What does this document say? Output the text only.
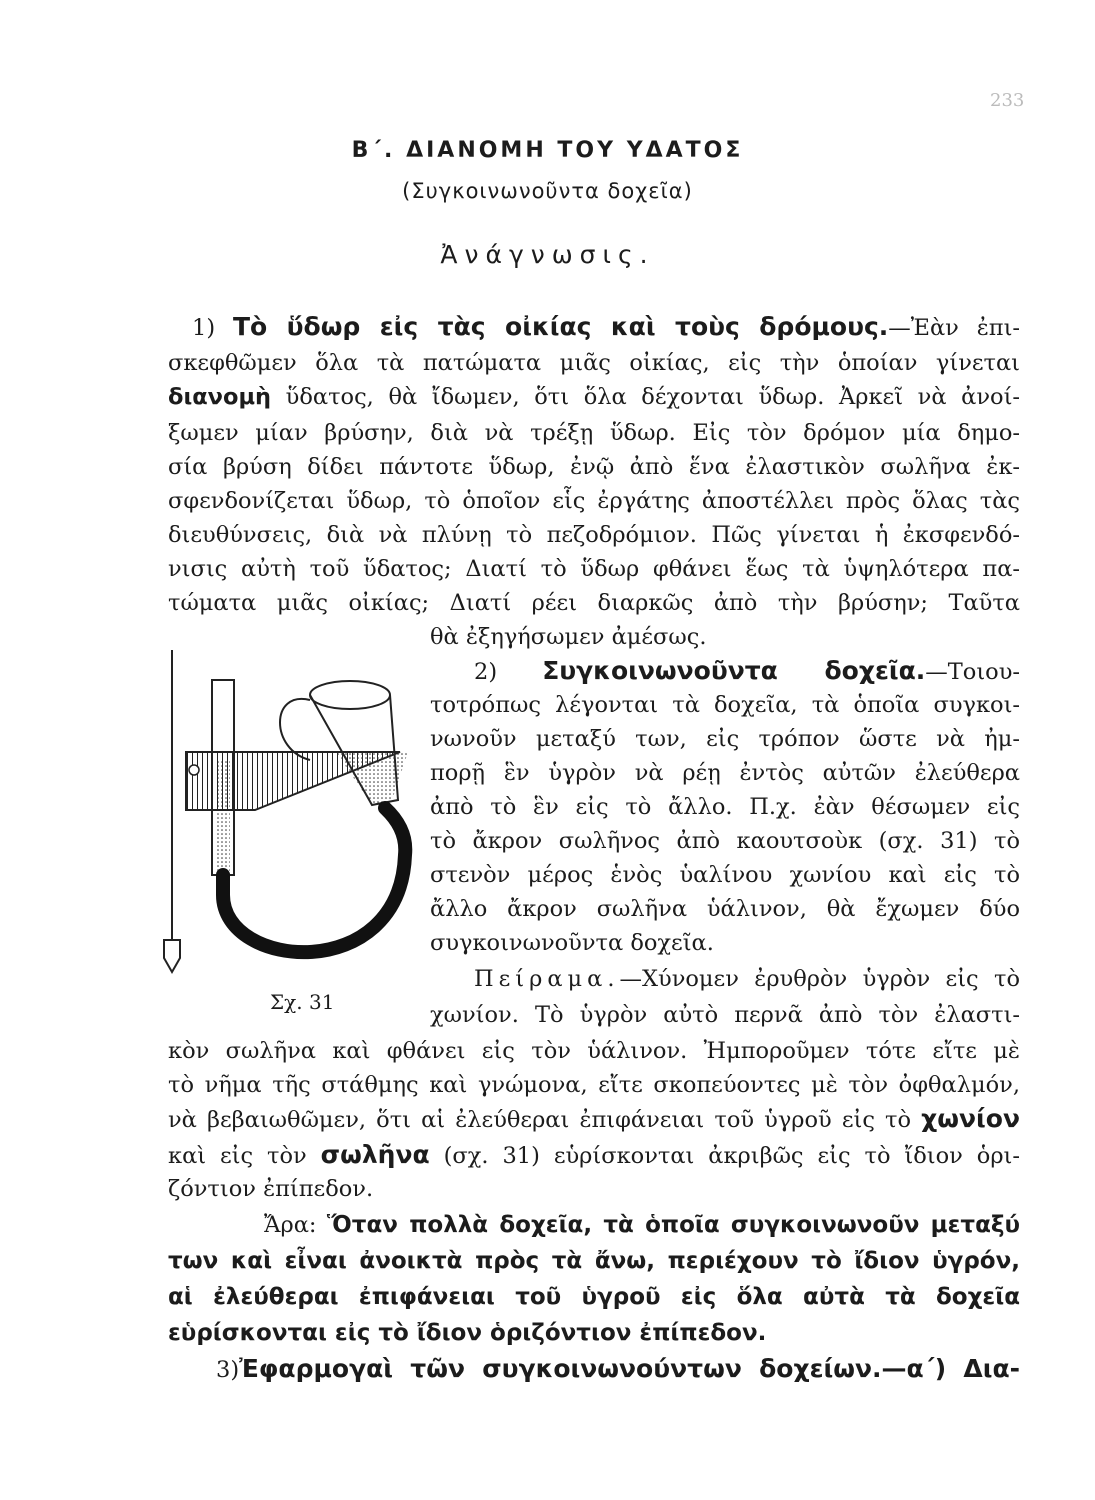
233
Β΄. ΔΙΑΝΟΜΗ ΤΟΥ ΥΔΑΤΟΣ
(Συγκοινωνοῦντα δοχεῖα)
Ἀνάγνωσις.
1) Τὸ ὕδωρ εἰς τὰς οἰκίας καὶ τοὺς δρόμους.—Ἐὰν ἐπι-
σκεφθῶμεν ὅλα τὰ πατώματα μιᾶς οἰκίας, εἰς τὴν ὁποίαν γίνεται
διανομὴ ὕδατος, θὰ ἴδωμεν, ὅτι ὅλα δέχονται ὕδωρ. Ἀρκεῖ νὰ ἀνοί-
ξωμεν μίαν βρύσην, διὰ νὰ τρέξῃ ὕδωρ. Εἰς τὸν δρόμον μία δημο-
σία βρύση δίδει πάντοτε ὕδωρ, ἐνῷ ἀπὸ ἕνα ἐλαστικὸν σωλῆνα ἐκ-
σφενδονίζεται ὕδωρ, τὸ ὁποῖον εἷς ἐργάτης ἀποστέλλει πρὸς ὅλας τὰς
διευθύνσεις, διὰ νὰ πλύνῃ τὸ πεζοδρόμιον. Πῶς γίνεται ἡ ἐκσφενδό-
νισις αὐτὴ τοῦ ὕδατος; Διατί τὸ ὕδωρ φθάνει ἕως τὰ ὑψηλότερα πα-
τώματα μιᾶς οἰκίας; Διατί ρέει διαρκῶς ἀπὸ τὴν βρύσην; Ταῦτα
θὰ ἐξηγήσωμεν ἀμέσως.
2) Συγκοινωνοῦντα δοχεῖα.—Τοιου-
τοτρόπως λέγονται τὰ δοχεῖα, τὰ ὁποῖα συγκοι-
νωνοῦν μεταξύ των, εἰς τρόπον ὥστε νὰ ἠμ-
πορῇ ἓν ὑγρὸν νὰ ρέῃ ἐντὸς αὐτῶν ἐλεύθερα
ἀπὸ τὸ ἓν εἰς τὸ ἄλλο. Π.χ. ἐὰν θέσωμεν εἰς
τὸ ἄκρον σωλῆνος ἀπὸ καουτσοὺκ (σχ. 31) τὸ
στενὸν μέρος ἑνὸς ὑαλίνου χωνίου καὶ εἰς τὸ
ἄλλο ἄκρον σωλῆνα ὑάλινον, θὰ ἔχωμεν δύο
συγκοινωνοῦντα δοχεῖα.
Πείραμα.—Χύνομεν ἐρυθρὸν ὑγρὸν εἰς τὸ
χωνίον. Τὸ ὑγρὸν αὐτὸ περνᾶ ἀπὸ τὸν ἐλαστι-
κὸν σωλῆνα καὶ φθάνει εἰς τὸν ὑάλινον. Ἠμποροῦμεν τότε εἴτε μὲ
τὸ νῆμα τῆς στάθμης καὶ γνώμονα, εἴτε σκοπεύοντες μὲ τὸν ὀφθαλμόν,
νὰ βεβαιωθῶμεν, ὅτι αἱ ἐλεύθεραι ἐπιφάνειαι τοῦ ὑγροῦ εἰς τὸ χωνίον
καὶ εἰς τὸν σωλῆνα (σχ. 31) εὑρίσκονται ἀκριβῶς εἰς τὸ ἴδιον ὁρι-
ζόντιον ἐπίπεδον.
Ἄρα: Ὅταν πολλὰ δοχεῖα, τὰ ὁποῖα συγκοινωνοῦν μεταξύ
των καὶ εἶναι ἀνοικτὰ πρὸς τὰ ἄνω, περιέχουν τὸ ἴδιον ὑγρόν,
αἱ ἐλεύθεραι ἐπιφάνειαι τοῦ ὑγροῦ εἰς ὅλα αὐτὰ τὰ δοχεῖα
εὑρίσκονται εἰς τὸ ἴδιον ὁριζόντιον ἐπίπεδον.
3)Ἐφαρμογαὶ τῶν συγκοινωνούντων δοχείων.—α΄) Δια-
Σχ. 31
